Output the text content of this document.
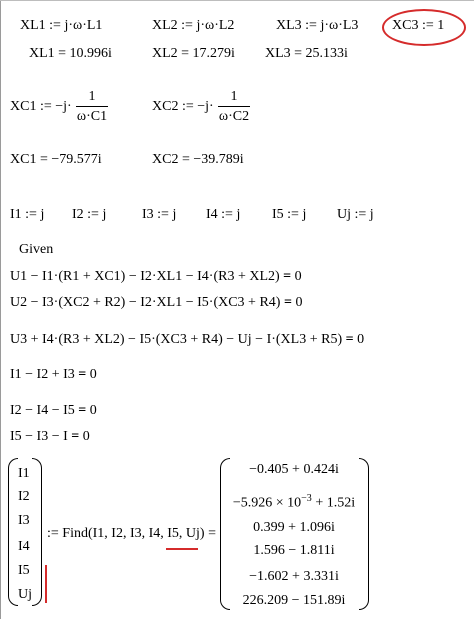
XL1 := j·ω·L1	XL2 := j·ω·L2	XL3 := j·ω·L3 XC3 := 1
XL1 = 10.996i	XL2 = 17.279i XL3 = 25.133i
XC1 := −j·
1
ω·C1
XC2 := −j·
1
ω·C2
XC1 = −79.577i	XC2 = −39.789i
I1 := j I2 := j	I3 := j I4 := j I5 := j Uj := j
Given
U1 − I1·(R1 + XC1) − I2·XL1 − I4·(R3 + XL2) = 0
U2 − I3·(XC2 + R2) − I2·XL1 − I5·(XC3 + R4) = 0
U3 + I4·(R3 + XL2) − I5·(XC3 + R4) − Uj − I·(XL3 + R5) = 0
I1 − I2 + I3 = 0
I2 − I4 − I5 = 0
I5 − I3 − I = 0
I1
I2
I3
I4
I5
Uj
:= Find(I1, I2, I3, I4, I5, Uj) =
−0.405 + 0.424i
$-5.926 \times 10^{-3} + 1.52i$
0.399 + 1.096i
1.596 − 1.811i
−1.602 + 3.331i
226.209 − 151.89i
